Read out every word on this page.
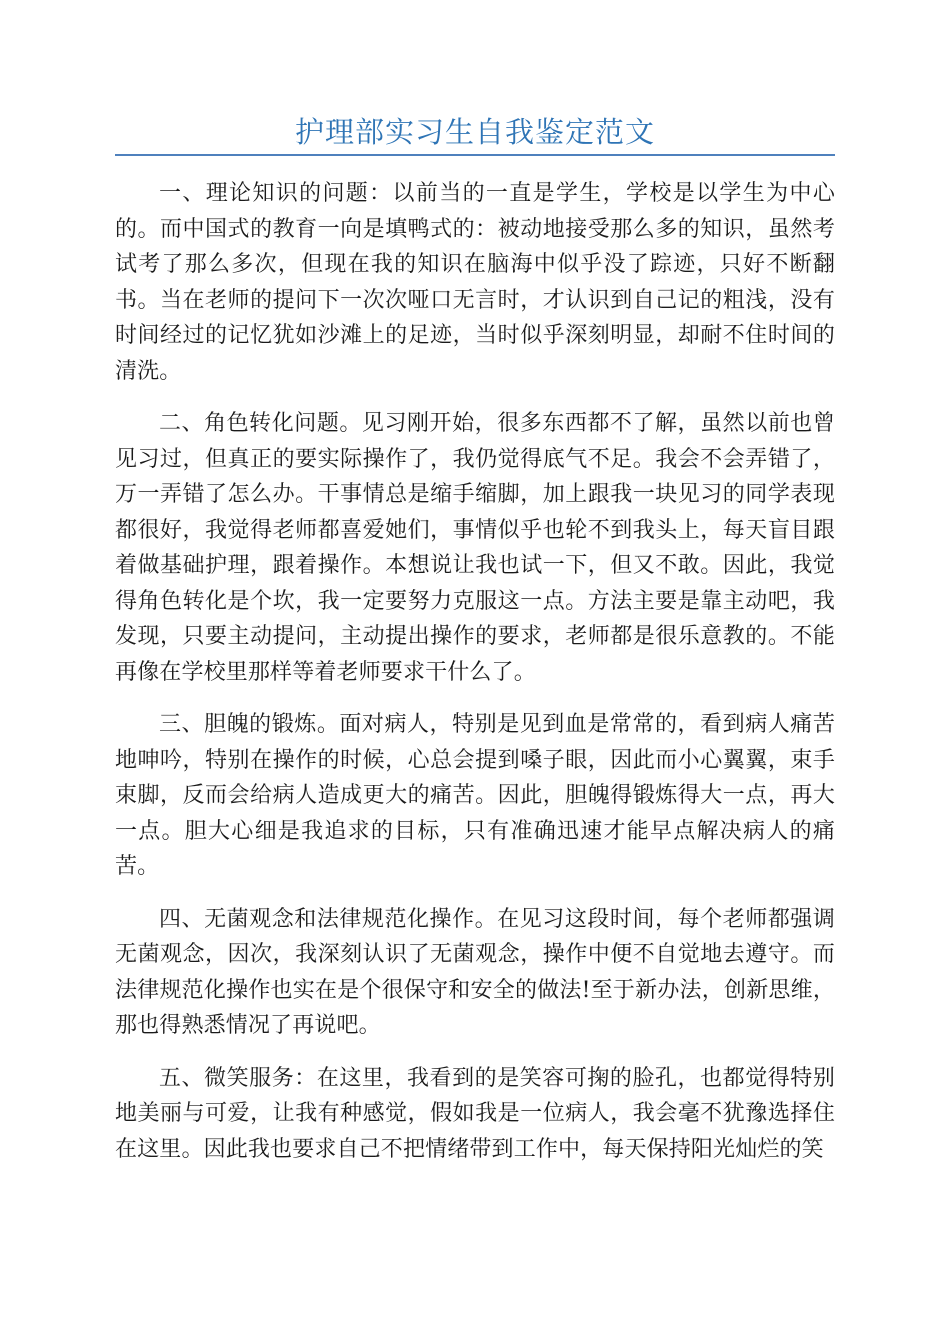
护理部实习生自我鉴定范文

一、理论知识的问题：以前当的一直是学生，学校是以学生为中心的。而中国式的教育一向是填鸭式的：被动地接受那么多的知识，虽然考试考了那么多次，但现在我的知识在脑海中似乎没了踪迹，只好不断翻书。当在老师的提问下一次次哑口无言时，才认识到自己记的粗浅，没有时间经过的记忆犹如沙滩上的足迹，当时似乎深刻明显，却耐不住时间的清洗。

二、角色转化问题。见习刚开始，很多东西都不了解，虽然以前也曾见习过，但真正的要实际操作了，我仍觉得底气不足。我会不会弄错了，万一弄错了怎么办。干事情总是缩手缩脚，加上跟我一块见习的同学表现都很好，我觉得老师都喜爱她们，事情似乎也轮不到我头上，每天盲目跟着做基础护理，跟着操作。本想说让我也试一下，但又不敢。因此，我觉得角色转化是个坎，我一定要努力克服这一点。方法主要是靠主动吧，我发现，只要主动提问，主动提出操作的要求，老师都是很乐意教的。不能再像在学校里那样等着老师要求干什么了。

三、胆魄的锻炼。面对病人，特别是见到血是常常的，看到病人痛苦地呻吟，特别在操作的时候，心总会提到嗓子眼，因此而小心翼翼，束手束脚，反而会给病人造成更大的痛苦。因此，胆魄得锻炼得大一点，再大一点。胆大心细是我追求的目标，只有准确迅速才能早点解决病人的痛苦。

四、无菌观念和法律规范化操作。在见习这段时间，每个老师都强调无菌观念，因次，我深刻认识了无菌观念，操作中便不自觉地去遵守。而法律规范化操作也实在是个很保守和安全的做法!至于新办法，创新思维，那也得熟悉情况了再说吧。

五、微笑服务：在这里，我看到的是笑容可掬的脸孔，也都觉得特别地美丽与可爱，让我有种感觉，假如我是一位病人，我会毫不犹豫选择住在这里。因此我也要求自己不把情绪带到工作中，每天保持阳光灿烂的笑
